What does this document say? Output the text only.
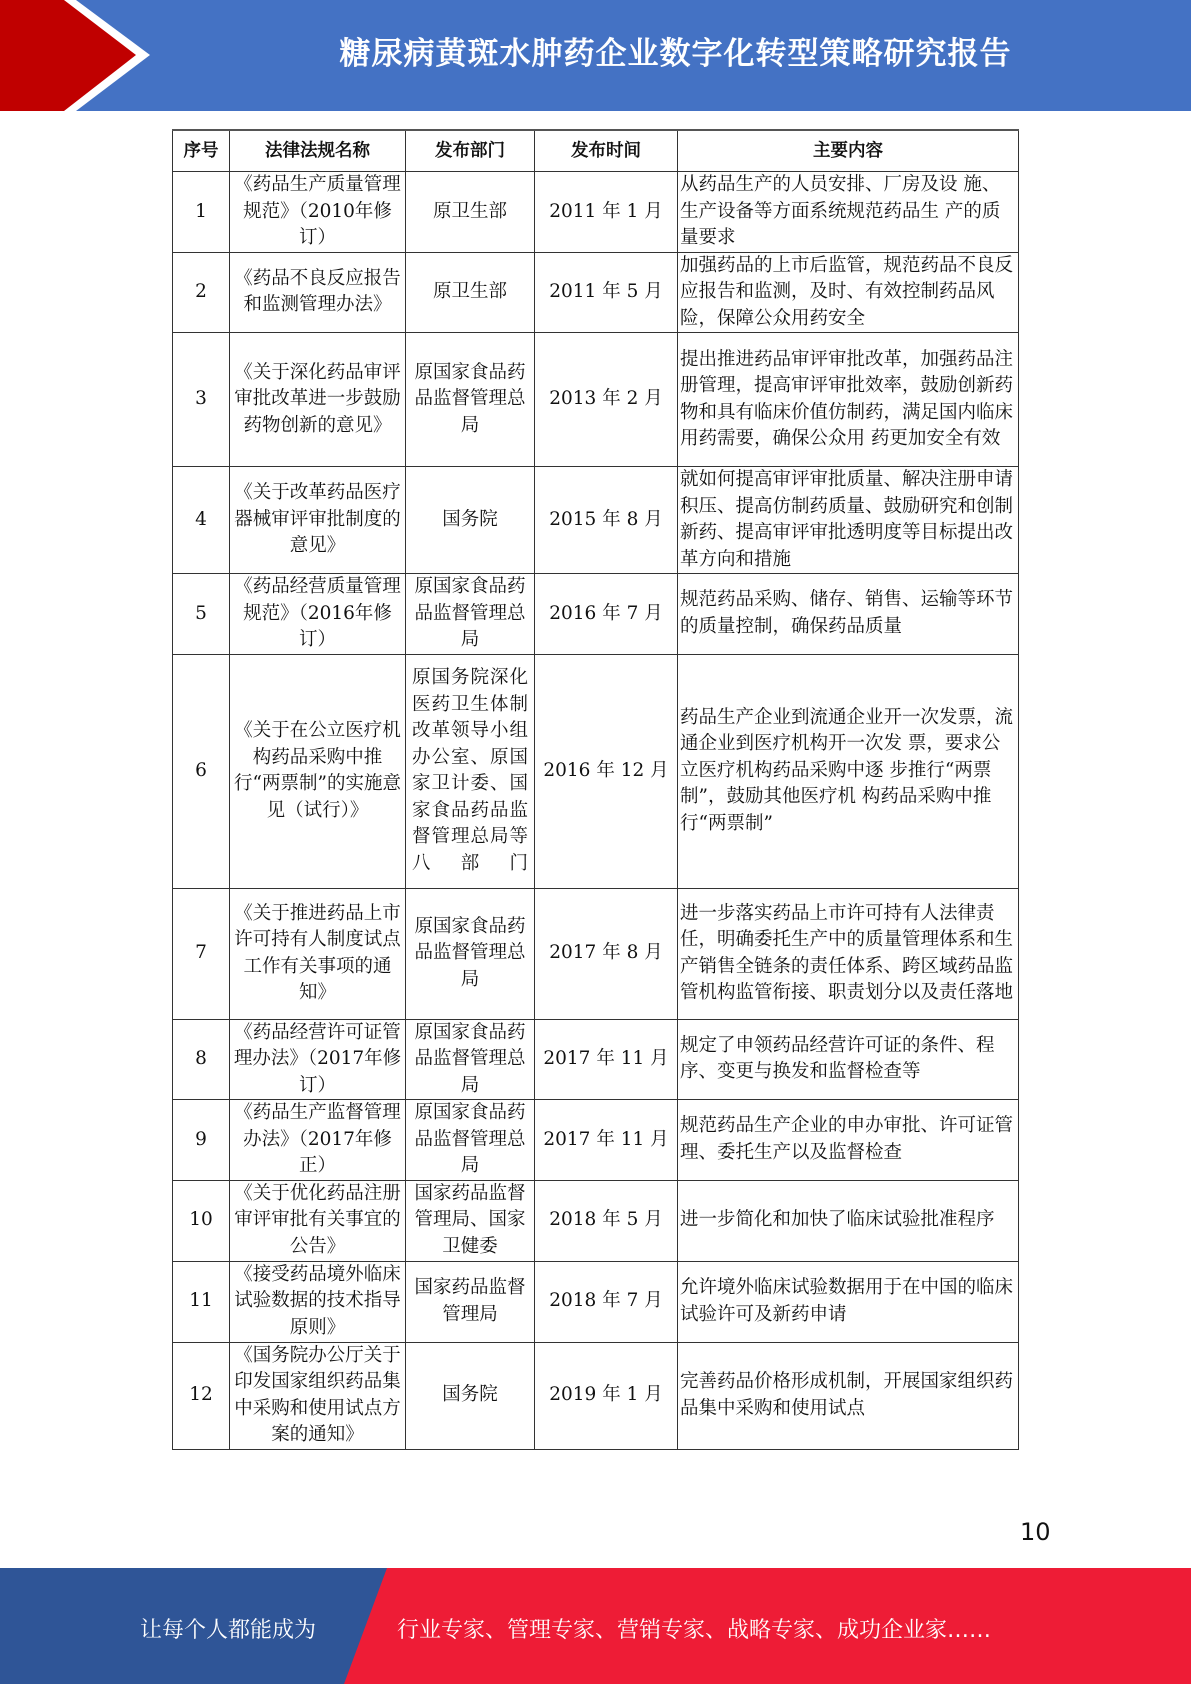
糖尿病黄斑水肿药企业数字化转型策略研究报告
序号	法律法规名称	发布部门	发布时间	主要内容
1	《药品生产质量管理规范》（2010年修订）	原卫生部	2011 年 1 月	从药品生产的人员安排、厂房及设 施、生产设备等方面系统规范药品生 产的质量要求
2	《药品不良反应报告和监测管理办法》	原卫生部	2011 年 5 月	加强药品的上市后监管，规范药品不良反应报告和监测，及时、有效控制药品风险，保障公众用药安全
3	《关于深化药品审评审批改革进一步鼓励药物创新的意见》	原国家食品药品监督管理总局	2013 年 2 月	提出推进药品审评审批改革，加强药品注册管理，提高审评审批效率，鼓励创新药物和具有临床价值仿制药，满足国内临床用药需要，确保公众用 药更加安全有效
4	《关于改革药品医疗器械审评审批制度的意见》	国务院	2015 年 8 月	就如何提高审评审批质量、解决注册申请积压、提高仿制药质量、鼓励研究和创制新药、提高审评审批透明度等目标提出改革方向和措施
5	《药品经营质量管理规范》（2016年修订）	原国家食品药品监督管理总局	2016 年 7 月	规范药品采购、储存、销售、运输等环节的质量控制，确保药品质量
6	《关于在公立医疗机构药品采购中推行“两票制”的实施意见（试行）》	原国务院深化医药卫生体制改革领导小组办公室、原国家卫计委、国家食品药品监督管理总局等八部门	2016 年 12 月	药品生产企业到流通企业开一次发票，流通企业到医疗机构开一次发 票，要求公立医疗机构药品采购中逐 步推行“两票制”，鼓励其他医疗机 构药品采购中推行“两票制”
7	《关于推进药品上市许可持有人制度试点工作有关事项的通知》	原国家食品药品监督管理总局	2017 年 8 月	进一步落实药品上市许可持有人法律责任，明确委托生产中的质量管理体系和生产销售全链条的责任体系、跨区域药品监管机构监管衔接、职责划分以及责任落地
8	《药品经营许可证管理办法》（2017年修订）	原国家食品药品监督管理总局	2017 年 11 月	规定了申领药品经营许可证的条件、程序、变更与换发和监督检查等
9	《药品生产监督管理办法》（2017年修正）	原国家食品药品监督管理总局	2017 年 11 月	规范药品生产企业的申办审批、许可证管理、委托生产以及监督检查
10	《关于优化药品注册审评审批有关事宜的公告》	国家药品监督管理局、国家卫健委	2018 年 5 月	进一步简化和加快了临床试验批准程序
11	《接受药品境外临床试验数据的技术指导原则》	国家药品监督管理局	2018 年 7 月	允许境外临床试验数据用于在中国的临床试验许可及新药申请
12	《国务院办公厅关于印发国家组织药品集中采购和使用试点方案的通知》	国务院	2019 年 1 月	完善药品价格形成机制，开展国家组织药品集中采购和使用试点
10
让每个人都能成为	行业专家、管理专家、营销专家、战略专家、成功企业家……
